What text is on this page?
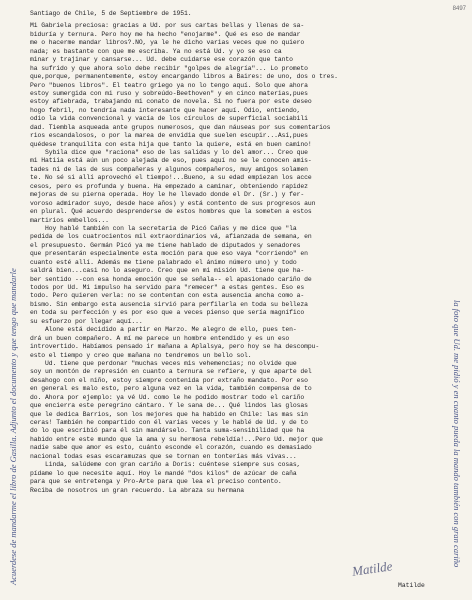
8497
Acuerdese de mandarme el libro de Gasilla. Adjunto el documento y que tengo que mandarle	la foto que Ud. me pidió y en cuanto pueda la mando también con gran cariño
Santiago de Chile, 5 de Septiembre de 1951.
Mi Gabriela preciosa: gracias a Ud. por sus cartas bellas y llenas de sa-
biduría y ternura. Pero hoy me ha hecho "enojarme". Qué es eso de mandar
me o hacerme mandar libros?.NO, ya le he dicho varias veces que no quiero
nada; es bastante con que me escriba. Ya no está Ud. y yo se eso ca
minar y trajinar y cansarse... Ud. debe cuidarse ese corazón que tanto
ha sufrido y que ahora solo debe recibir "golpes de alegría"... Lo prometo
que,porque, permanentemente, estoy encargando libros a Baires: de uno, dos o tres.
Pero "buenos libros". El teatro griego ya no lo tengo aquí. Solo que ahora
estoy sumergida con mi ruso y sobreúdo-Beethoven" y en cinco materias,pues
estoy afiebrada, trabajando mi conato de novela. Si no fuera por este deseo
hogo febril, no tendría nada interesante que hacer aquí. Odio, entiendo,
odio la vida convencional y vacía de los círculos de superficial sociabili
dad. Tiembla asqueada ante grupos numerosos, que dan náuseas por sus comentarios
rios escandalosos, o por la marea de envidia que suelen escupir...Así,pues
quédese tranquilita con esta hija que tanto la quiere, está en buen camino!
Sybila dice que "raciona" eso de las salidas y lo del amor... Creo que
mi Hatiia está aún un poco alejada de eso, pues aquí no se le conocen amis-
tades ni de las de sus compañeras y algunos compañeros, muy amigos solamen
te. No sé si allí aprovechó el tiempo!...Bueno, a su edad empiezan los acce
cesos, pero es profunda y buena. Ha empezado a caminar, obteniendo rapidez
mejoras de su pierna operada. Hoy le he llevado donde el Dr. (Sr.) y fer-
voroso admirador suyo, desde hace años) y está contento de sus progresos aun
en plural. Qué acuerdo desprenderse de estos hombres que la someten a estos
martirios embellos...
Hoy hablé también con la secretaria de Picó Cañas y me dice que "la
pedida de los cuatrocientos mil extraordinarios vá, afianzada de semana, en
el presupuesto. Germán Picó ya me tiene hablado de diputados y senadores
que presentarán especialmente esta moción para que eso vaya "corriendo" en
cuanto esté allí. Además me tiene palabrado el ánimo número uno) y todo
saldrá bien...casi no lo aseguro. Creo que en mi misión Ud. tiene que ha-
ber sentido --con esa honda emoción que se señala-- el apasionado cariño de
todos por Ud. Mi impulso ha servido para "remecer" a estas gentes. Eso es
todo. Pero quieren verla: no se contentan con esta ausencia ancha como a-
bismo. Sin embargo esta ausencia sirvió para perfilarla en toda su belleza
en toda su perfección y es por eso que a veces pienso que sería magnífico
su esfuerzo por llegar aquí...
Alone está decidido a partir en Marzo. Me alegro de ello, pues ten-
drá un buen compañero. A mí me parece un hombre entendido y es un eso
introvertido. Habíamos pensado ir mañana a Aplalsya, pero hoy se ha descompu-
esto el tiempo y creo que mañana no tendremos un bello sol.
Ud. tiene que perdonar "muchas veces mis vehemencias; no olvide que
soy un montón de represión en cuanto a ternura se refiere, y que aparte del
desahogo con el niño, estoy siempre contenida por extraño mandato. Por eso
en general es malo esto, pero alguna vez en la vida, también compensa de to
do. Ahora por ejemplo: ya vé Ud. como le he podido mostrar todo el cariño
que encierra este peregrino cántaro. Y le sana de... Qué lindos las glosas
que le dedica Barrios, son los mejores que ha habido en Chile: las mas sin
ceras! También he compartido con él varias veces y le hablé de Ud. y de to
do lo que escribió para él sin mandárselo. Tanta suma-sensibilidad que ha
habido entre este mundo que la ama y su hermosa rebeldía!...Pero Ud. mejor que
nadie sabe que amor es esto, cuánto esconde el corazón, cuando es demasiado
nacional todas esas escaramuzas que se tornan en tonterías más vivas...
Linda, salúdeme con gran cariño a Doris: cuéntese siempre sus cosas,
pídame lo que necesite aquí. Hoy le mandé "dos kilos" de azúcar de caña
para que se entretenga y Pro-Arte para que lea el preciso contento.
Reciba de nosotros un gran recuerdo. La abraza su hermana
Matilde
Matilde
